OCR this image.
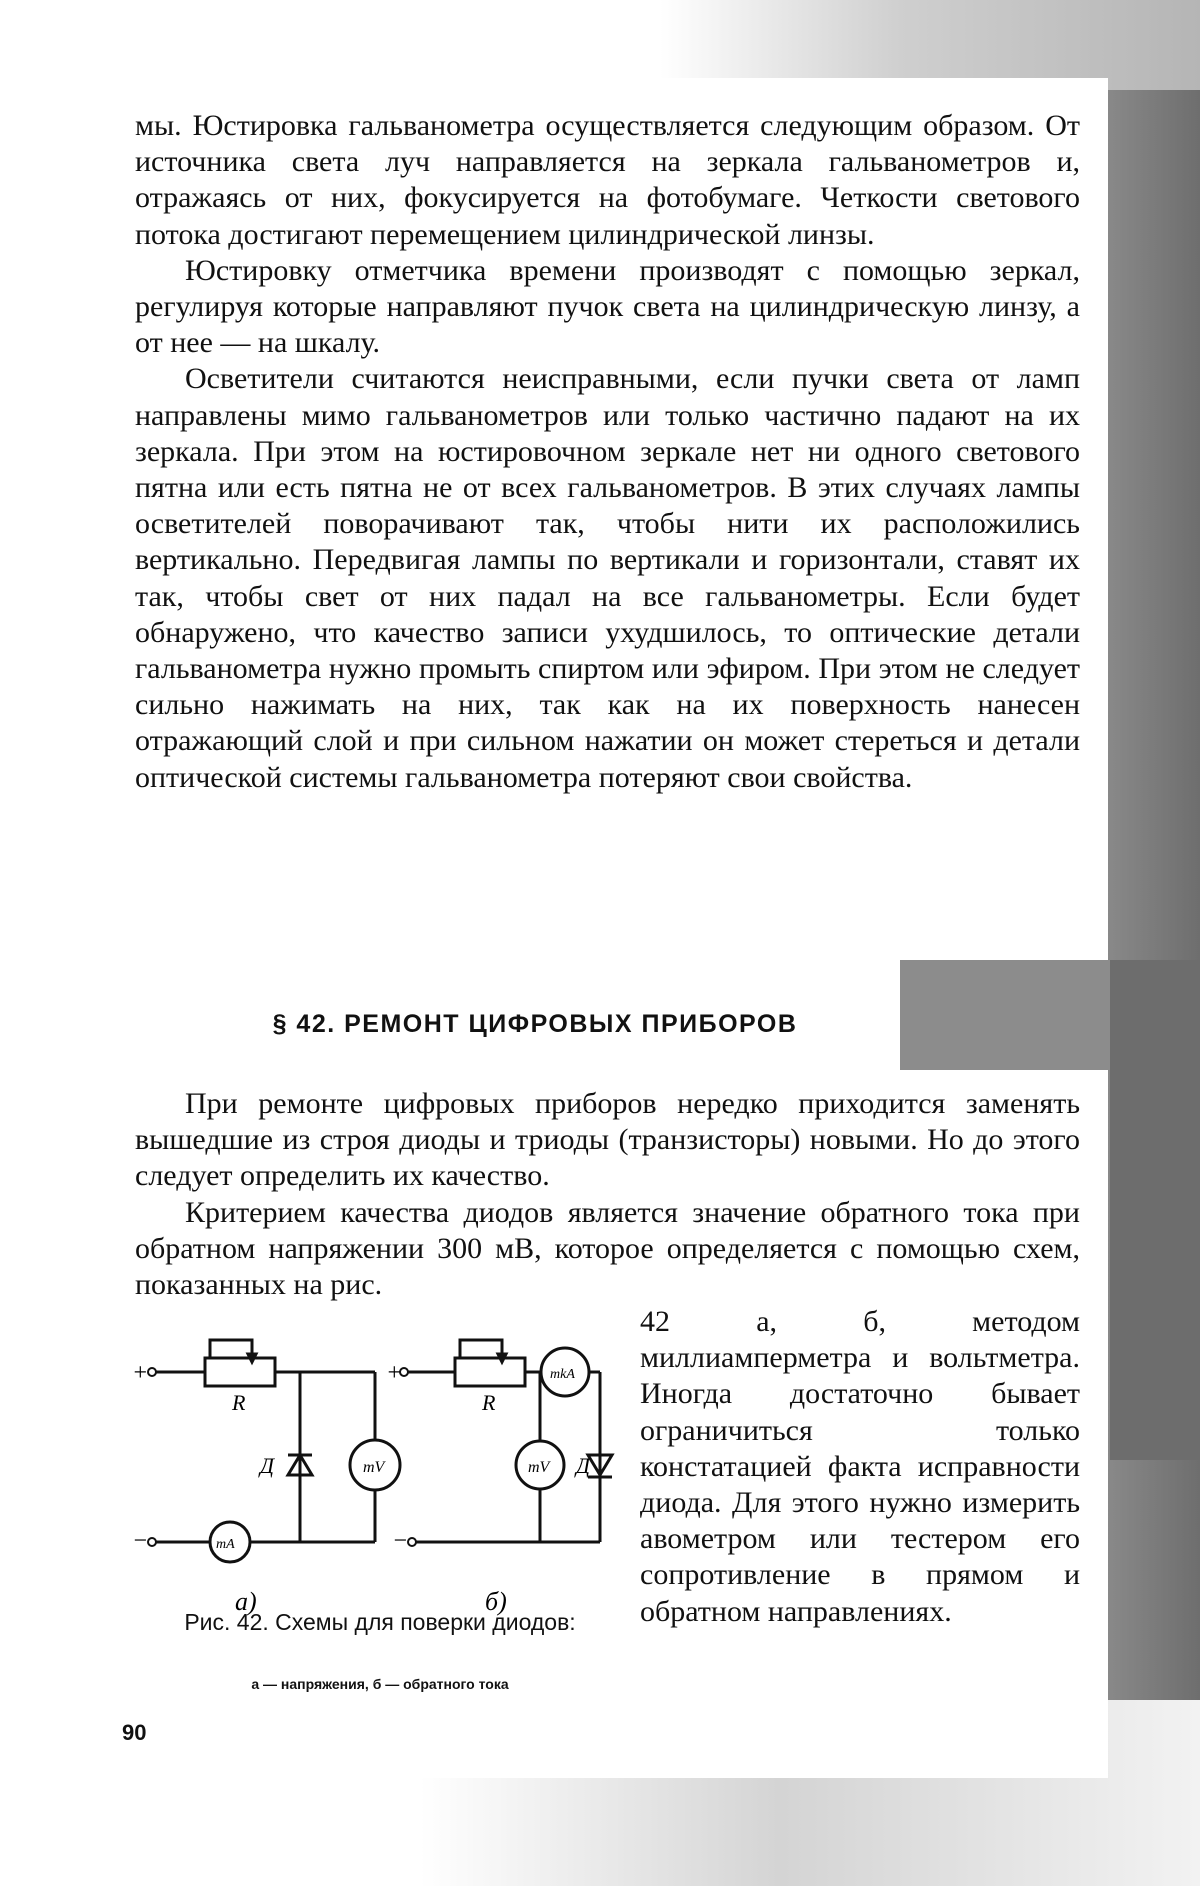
мы. Юстировка гальванометра осуществляется следующим образом. От источника света луч направляется на зеркала гальванометров и, отражаясь от них, фокусируется на фотобумаге. Четкости светового потока достигают перемещением цилиндрической линзы.

Юстировку отметчика времени производят с помощью зеркал, регулируя которые направляют пучок света на цилиндрическую линзу, а от нее — на шкалу.

Осветители считаются неисправными, если пучки света от ламп направлены мимо гальванометров или только частично падают на их зеркала. При этом на юстировочном зеркале нет ни одного светового пятна или есть пятна не от всех гальванометров. В этих случаях лампы осветителей поворачивают так, чтобы нити их расположились вертикально. Передвигая лампы по вертикали и горизонтали, ставят их так, чтобы свет от них падал на все гальванометры. Если будет обнаружено, что качество записи ухудшилось, то оптические детали гальванометра нужно промыть спиртом или эфиром. При этом не следует сильно нажимать на них, так как на их поверхность нанесен отражающий слой и при сильном нажатии он может стереться и детали оптической системы гальванометра потеряют свои свойства.

§ 42. РЕМОНТ ЦИФРОВЫХ ПРИБОРОВ

При ремонте цифровых приборов нередко приходится заменять вышедшие из строя диоды и триоды (транзисторы) новыми. Но до этого следует определить их качество.

Критерием качества диодов является значение обратного тока при обратном напряжении 300 мВ, которое определяется с помощью схем, показанных на рис.

42 а, б, методом миллиамперметра и вольтметра. Иногда достаточно бывает ограничиться только констатацией факта исправности диода. Для этого нужно измерить авометром или тестером его сопротивление в прямом и обратном направлениях.
+
−
R
Д	mV
mA
а)
+
−
R
Д
mkA
mV
б)
Рис. 42. Схемы для поверки диодов:
а — напряжения, б — обратного тока
90
